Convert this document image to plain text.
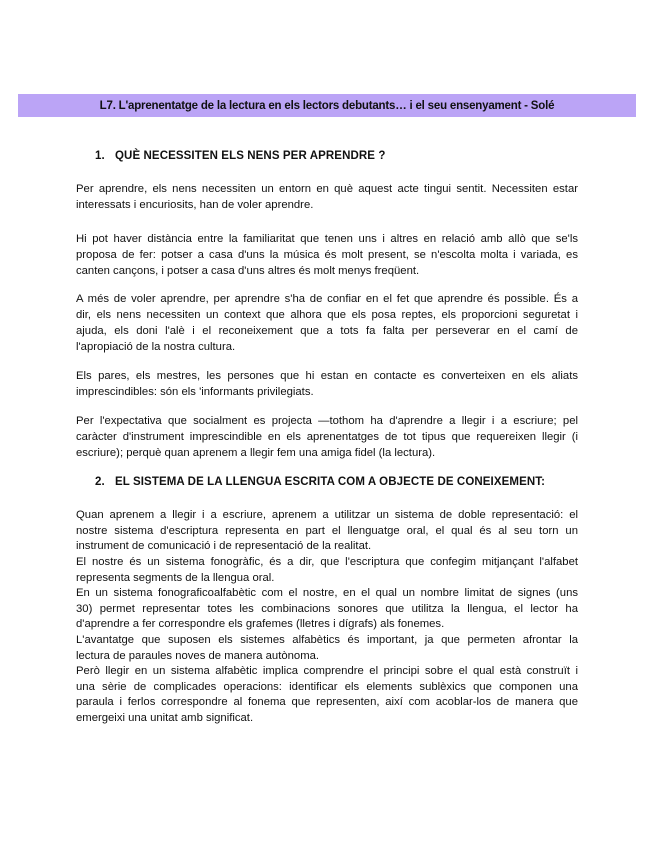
L7. L'aprenentatge de la lectura en els lectors debutants… i el seu ensenyament - Solé
1. QUÈ NECESSITEN ELS NENS PER APRENDRE ?
2. EL SISTEMA DE LA LLENGUA ESCRITA COM A OBJECTE DE CONEIXEMENT:
Per aprendre, els nens necessiten un entorn en què aquest acte tingui sentit. Necessiten estar
interessats i encuriosits, han de voler aprendre.
Hi pot haver distància entre la familiaritat que tenen uns i altres en relació amb allò que se'ls
proposa de fer: potser a casa d'uns la música és molt present, se n'escolta molta i variada, es
canten cançons, i potser a casa d'uns altres és molt menys freqüent.
A més de voler aprendre, per aprendre s'ha de confiar en el fet que aprendre és possible. És a
dir, els nens necessiten un context que alhora que els posa reptes, els proporcioni seguretat i
ajuda, els doni l'alè i el reconeixement que a tots fa falta per perseverar en el camí de
l'apropiació de la nostra cultura.
Els pares, els mestres, les persones que hi estan en contacte es converteixen en els aliats
imprescindibles: són els 'informants privilegiats.
Per l'expectativa que socialment es projecta —tothom ha d'aprendre a llegir i a escriure; pel
caràcter d'instrument imprescindible en els aprenentatges de tot tipus que requereixen llegir (i
escriure); perquè quan aprenem a llegir fem una amiga fidel (la lectura).
Quan aprenem a llegir i a escriure, aprenem a utilitzar un sistema de doble representació: el
nostre sistema d'escriptura representa en part el llenguatge oral, el qual és al seu torn un
instrument de comunicació i de representació de la realitat.
El nostre és un sistema fonogràfic, és a dir, que l'escriptura que confegim mitjançant l'alfabet
representa segments de la llengua oral.
En un sistema fonograficoalfabètic com el nostre, en el qual un nombre limitat de signes (uns
30) permet representar totes les combinacions sonores que utilitza la llengua, el lector ha
d'aprendre a fer correspondre els grafemes (lletres i dígrafs) als fonemes.
L'avantatge que suposen els sistemes alfabètics és important, ja que permeten afrontar la
lectura de paraules noves de manera autònoma.
Però llegir en un sistema alfabètic implica comprendre el principi sobre el qual està construït i
una sèrie de complicades operacions: identificar els elements sublèxics que componen una
paraula i ferlos correspondre al fonema que representen, així com acoblar-los de manera que
emergeixi una unitat amb significat.
